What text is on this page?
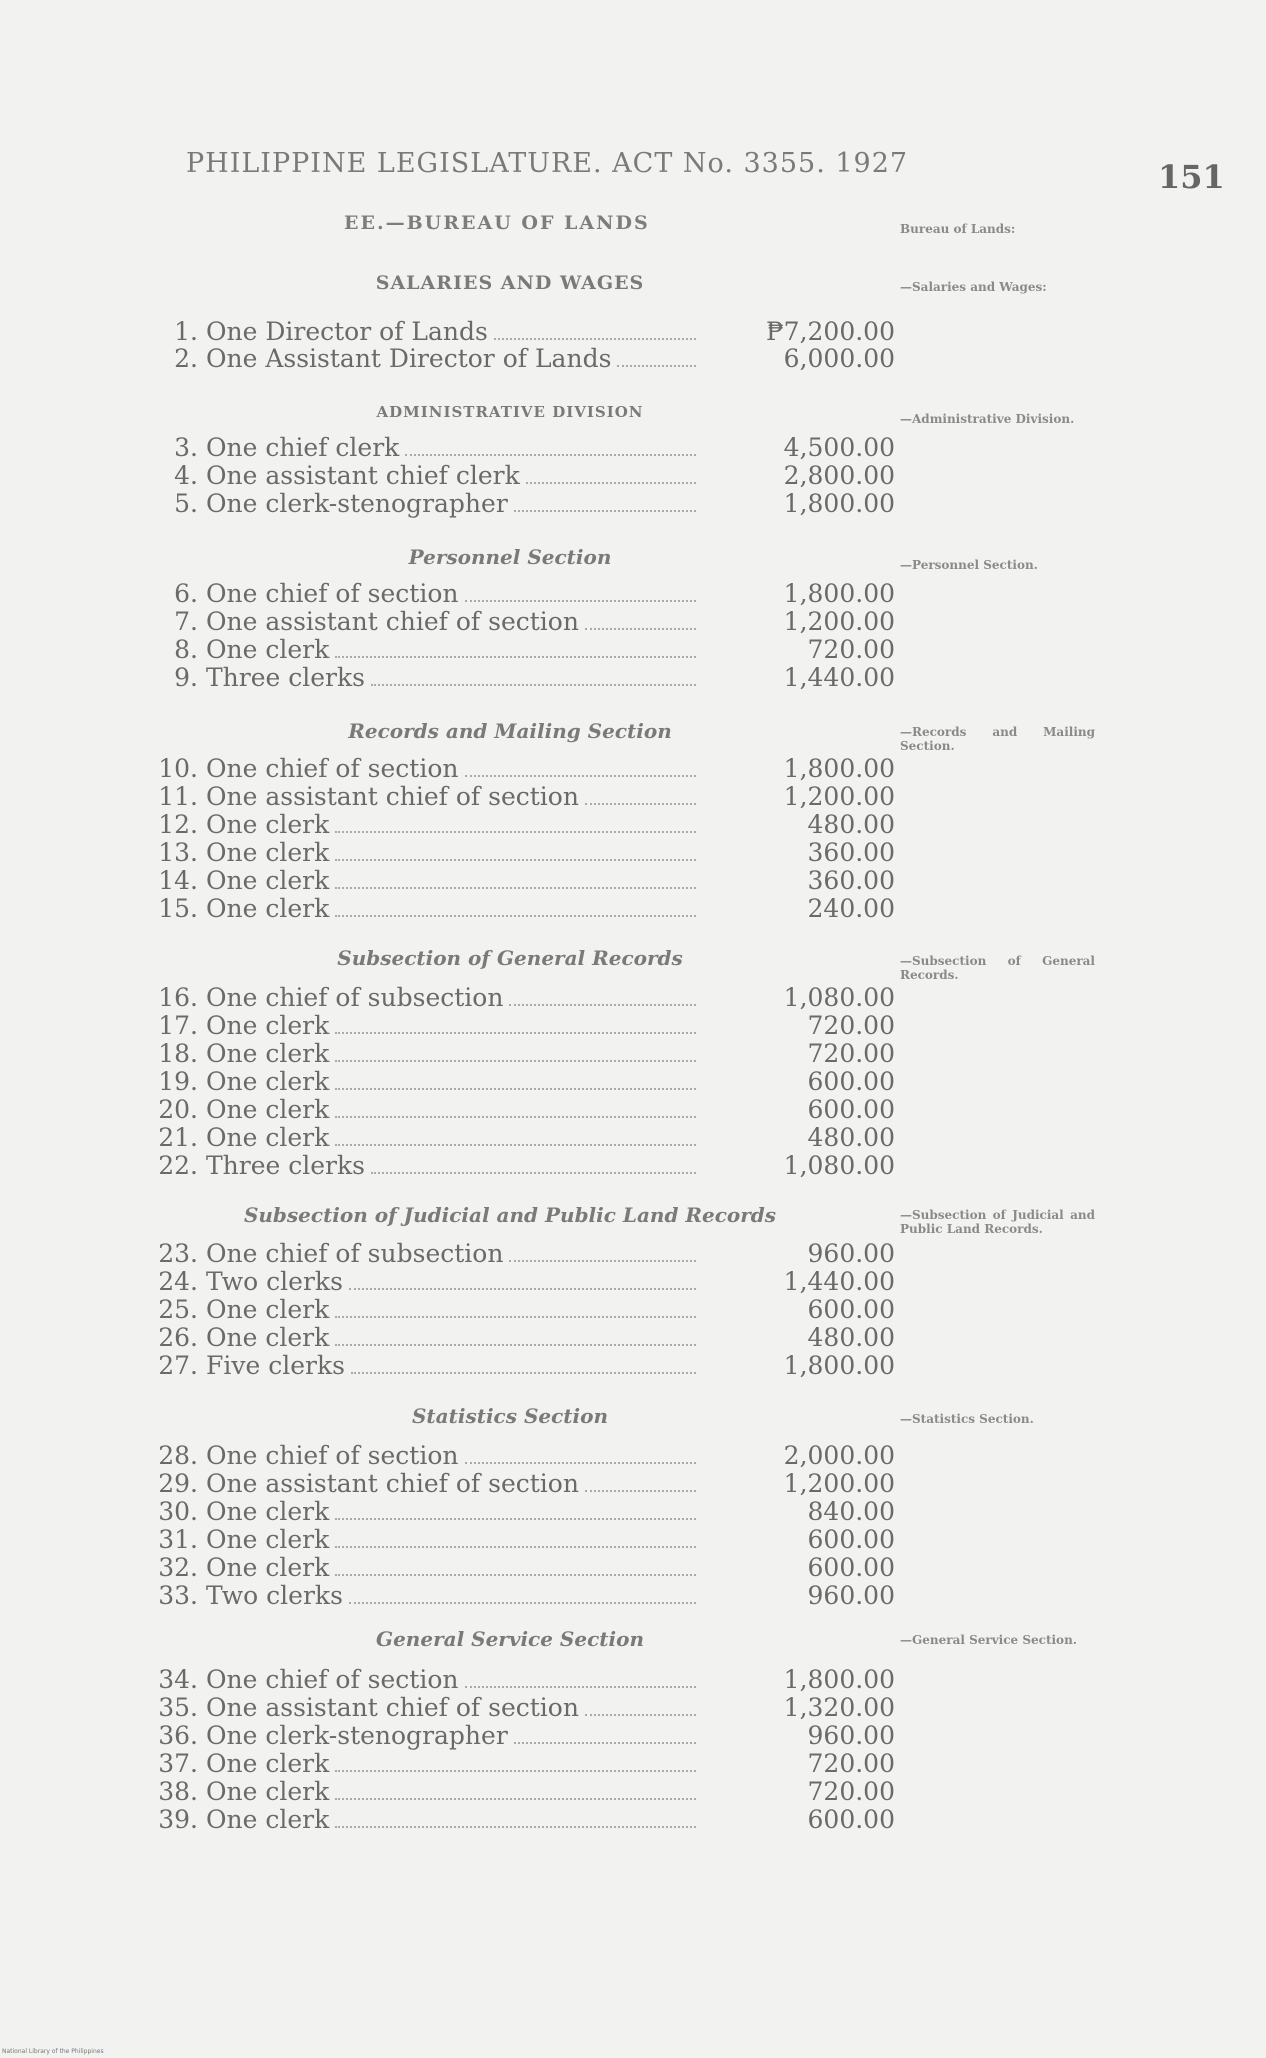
PHILIPPINE LEGISLATURE. ACT No. 3355. 1927	151
EE.—BUREAU OF LANDS	Bureau of Lands:
—Salaries and Wages:
—Administrative Division.
—Personnel Section.
—Records and Mailing Section.
—Subsection of General Records.
—Subsection of Judicial and Public Land Records.
—Statistics Section.
—General Service Section.
SALARIES AND WAGES
ADMINISTRATIVE DIVISION
Personnel Section
Records and Mailing Section
Subsection of General Records
Subsection of Judicial and Public Land Records
Statistics Section
General Service Section
1. One Director of Lands	₱7,200.00
2. One Assistant Director of Lands	6,000.00
3. One chief clerk	4,500.00
4. One assistant chief clerk	2,800.00
5. One clerk-stenographer	1,800.00
6. One chief of section	1,800.00
7. One assistant chief of section	1,200.00
8. One clerk	720.00
9. Three clerks	1,440.00
10. One chief of section	1,800.00
11. One assistant chief of section	1,200.00
12. One clerk	480.00
13. One clerk	360.00
14. One clerk	360.00
15. One clerk	240.00
16. One chief of subsection	1,080.00
17. One clerk	720.00
18. One clerk	720.00
19. One clerk	600.00
20. One clerk	600.00
21. One clerk	480.00
22. Three clerks	1,080.00
23. One chief of subsection	960.00
24. Two clerks	1,440.00
25. One clerk	600.00
26. One clerk	480.00
27. Five clerks	1,800.00
28. One chief of section	2,000.00
29. One assistant chief of section	1,200.00
30. One clerk	840.00
31. One clerk	600.00
32. One clerk	600.00
33. Two clerks	960.00
34. One chief of section	1,800.00
35. One assistant chief of section	1,320.00
36. One clerk-stenographer	960.00
37. One clerk	720.00
38. One clerk	720.00
39. One clerk	600.00
National Library of the Philippines
